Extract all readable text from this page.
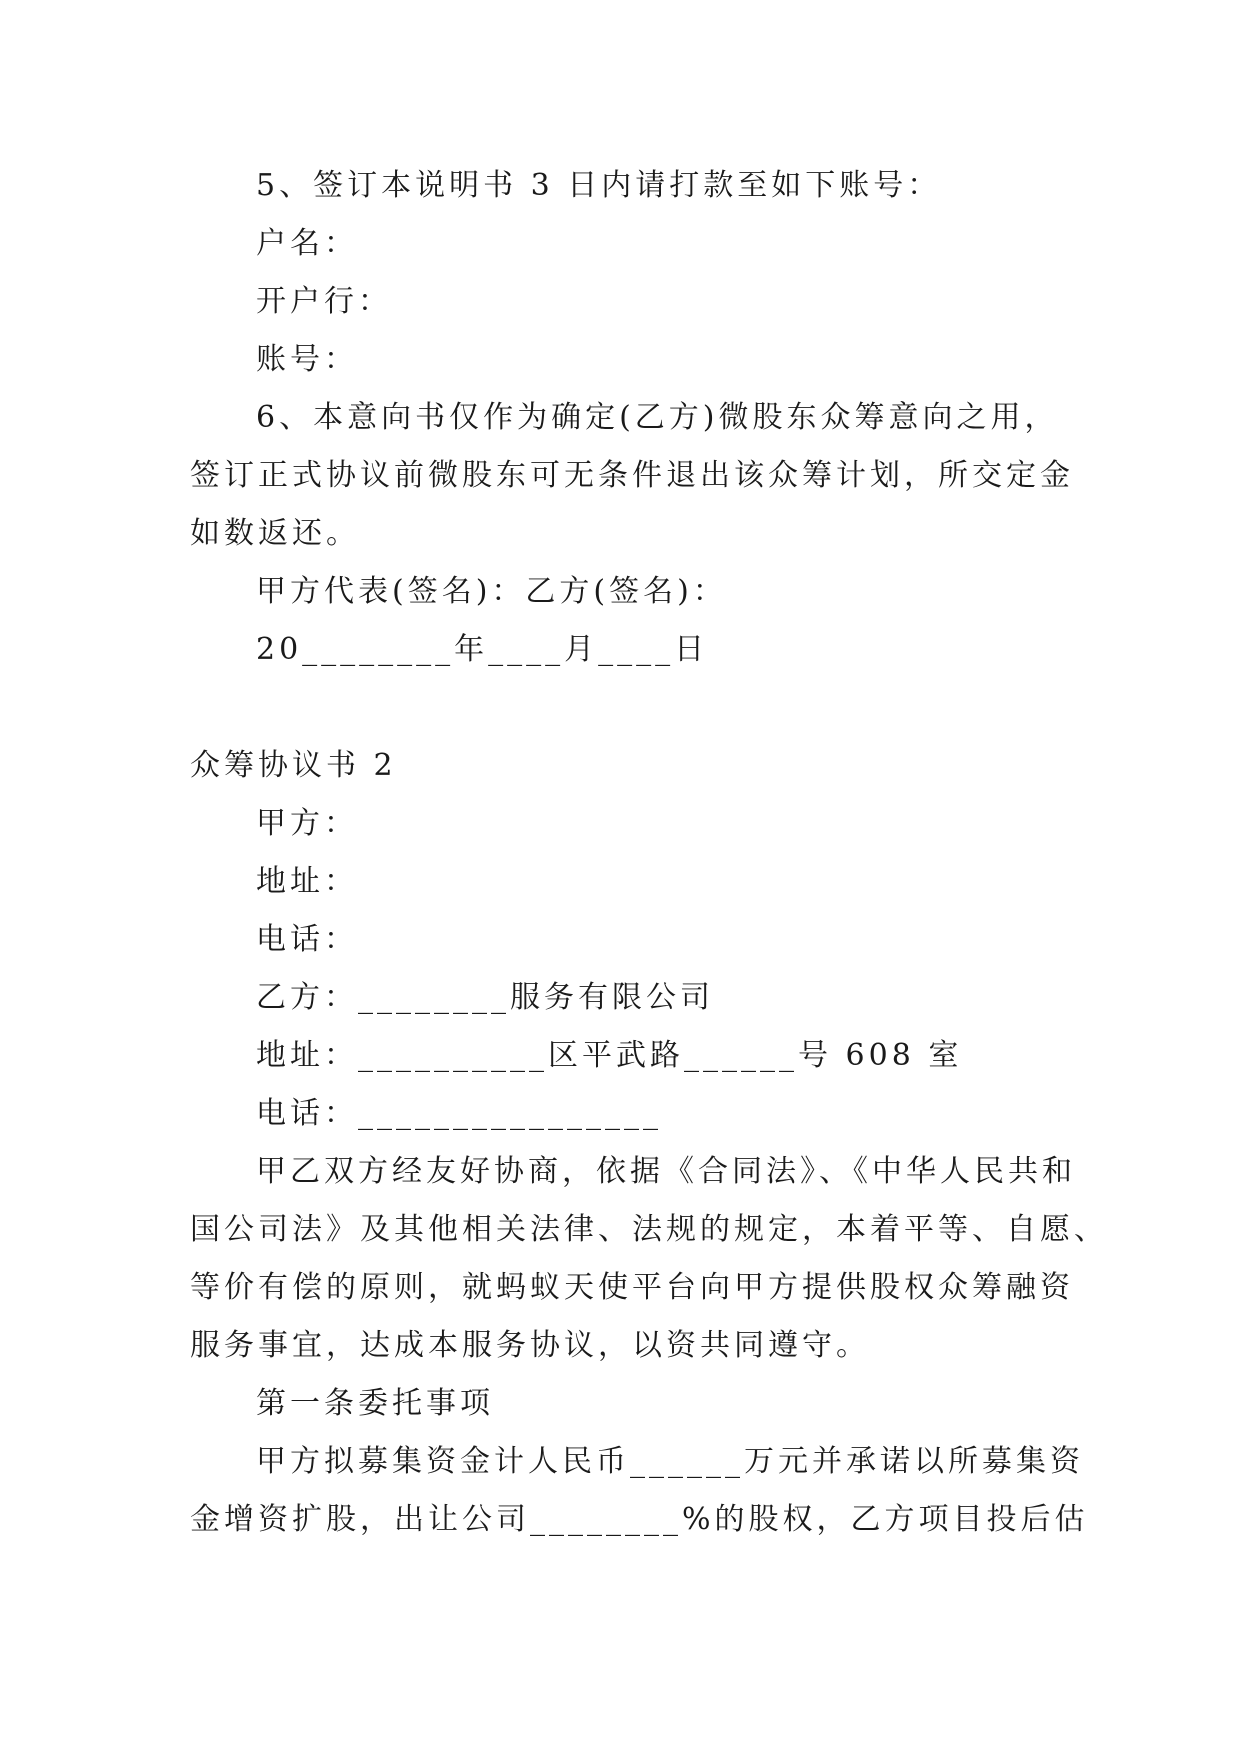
5、签订本说明书 3 日内请打款至如下账号：
户名：
开户行：
账号：
6、本意向书仅作为确定(乙方)微股东众筹意向之用，
签订正式协议前微股东可无条件退出该众筹计划，所交定金
如数返还。
甲方代表(签名)：乙方(签名)：
20________年____月____日
众筹协议书 2
甲方：
地址：
电话：
乙方：________服务有限公司
地址：__________区平武路______号 608 室
电话：________________
甲乙双方经友好协商，依据《合同法》、《中华人民共和
国公司法》及其他相关法律、法规的规定，本着平等、自愿、
等价有偿的原则，就蚂蚁天使平台向甲方提供股权众筹融资
服务事宜，达成本服务协议，以资共同遵守。
第一条委托事项
甲方拟募集资金计人民币______万元并承诺以所募集资
金增资扩股，出让公司________%的股权，乙方项目投后估
